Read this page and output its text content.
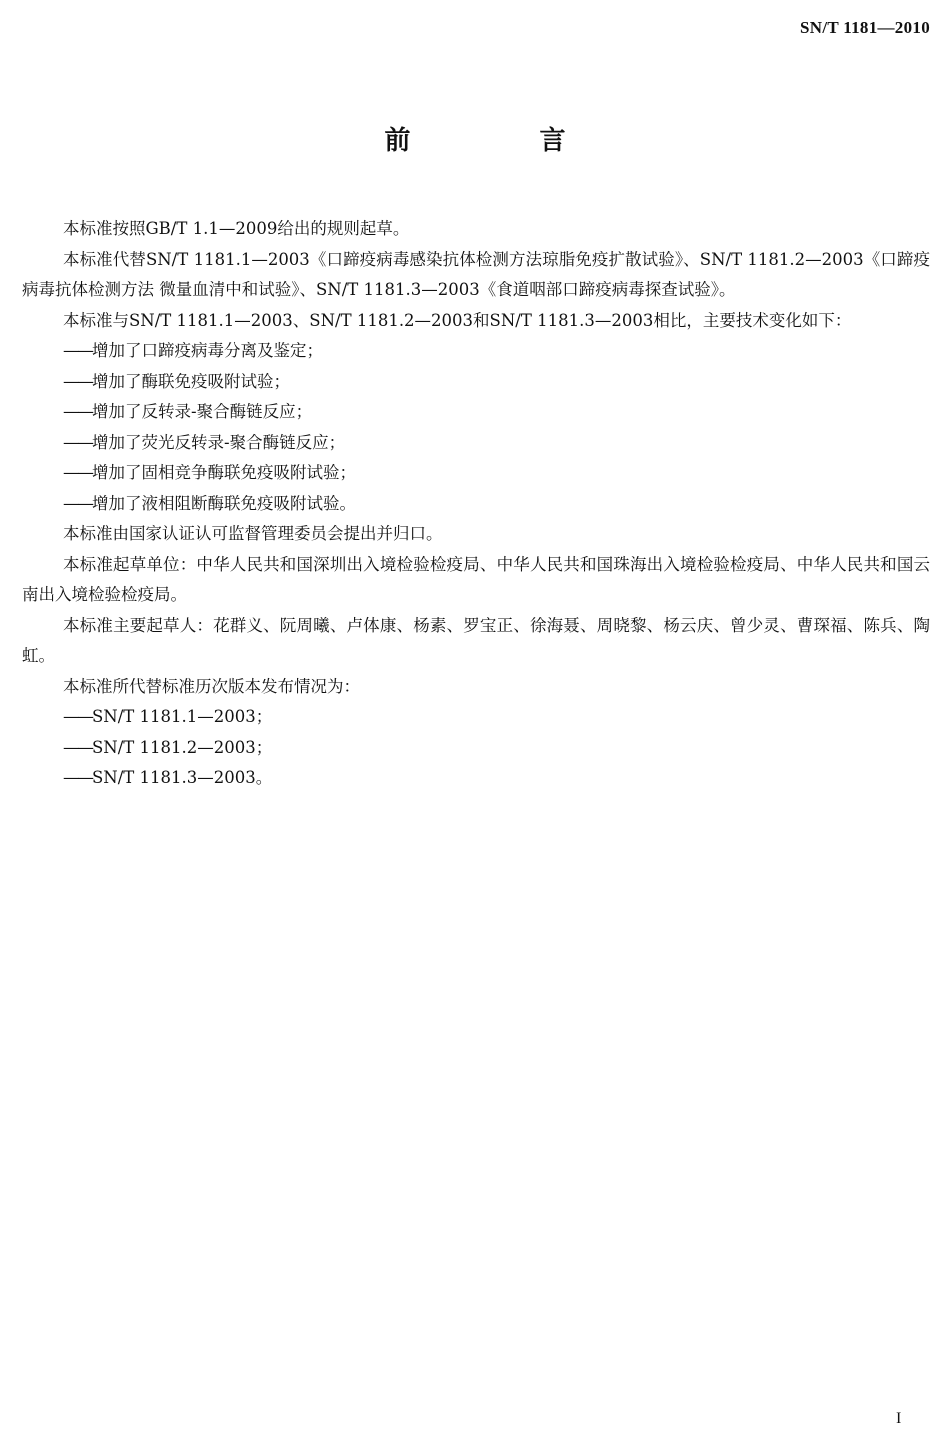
SN/T 1181—2010
前 言

本标准按照GB/T 1.1—2009给出的规则起草。

本标准代替SN/T 1181.1—2003《口蹄疫病毒感染抗体检测方法琼脂免疫扩散试验》、SN/T 1181.2—2003《口蹄疫病毒抗体检测方法 微量血清中和试验》、SN/T 1181.3—2003《食道咽部口蹄疫病毒探查试验》。

本标准与SN/T 1181.1—2003、SN/T 1181.2—2003和SN/T 1181.3—2003相比，主要技术变化如下：

——增加了口蹄疫病毒分离及鉴定；

——增加了酶联免疫吸附试验；

——增加了反转录-聚合酶链反应；

——增加了荧光反转录-聚合酶链反应；

——增加了固相竞争酶联免疫吸附试验；

——增加了液相阻断酶联免疫吸附试验。

本标准由国家认证认可监督管理委员会提出并归口。

本标准起草单位：中华人民共和国深圳出入境检验检疫局、中华人民共和国珠海出入境检验检疫局、中华人民共和国云南出入境检验检疫局。

本标准主要起草人：花群义、阮周曦、卢体康、杨素、罗宝正、徐海聂、周晓黎、杨云庆、曾少灵、曹琛福、陈兵、陶虹。

本标准所代替标准历次版本发布情况为：

——SN/T 1181.1—2003；

——SN/T 1181.2—2003；

——SN/T 1181.3—2003。

I
